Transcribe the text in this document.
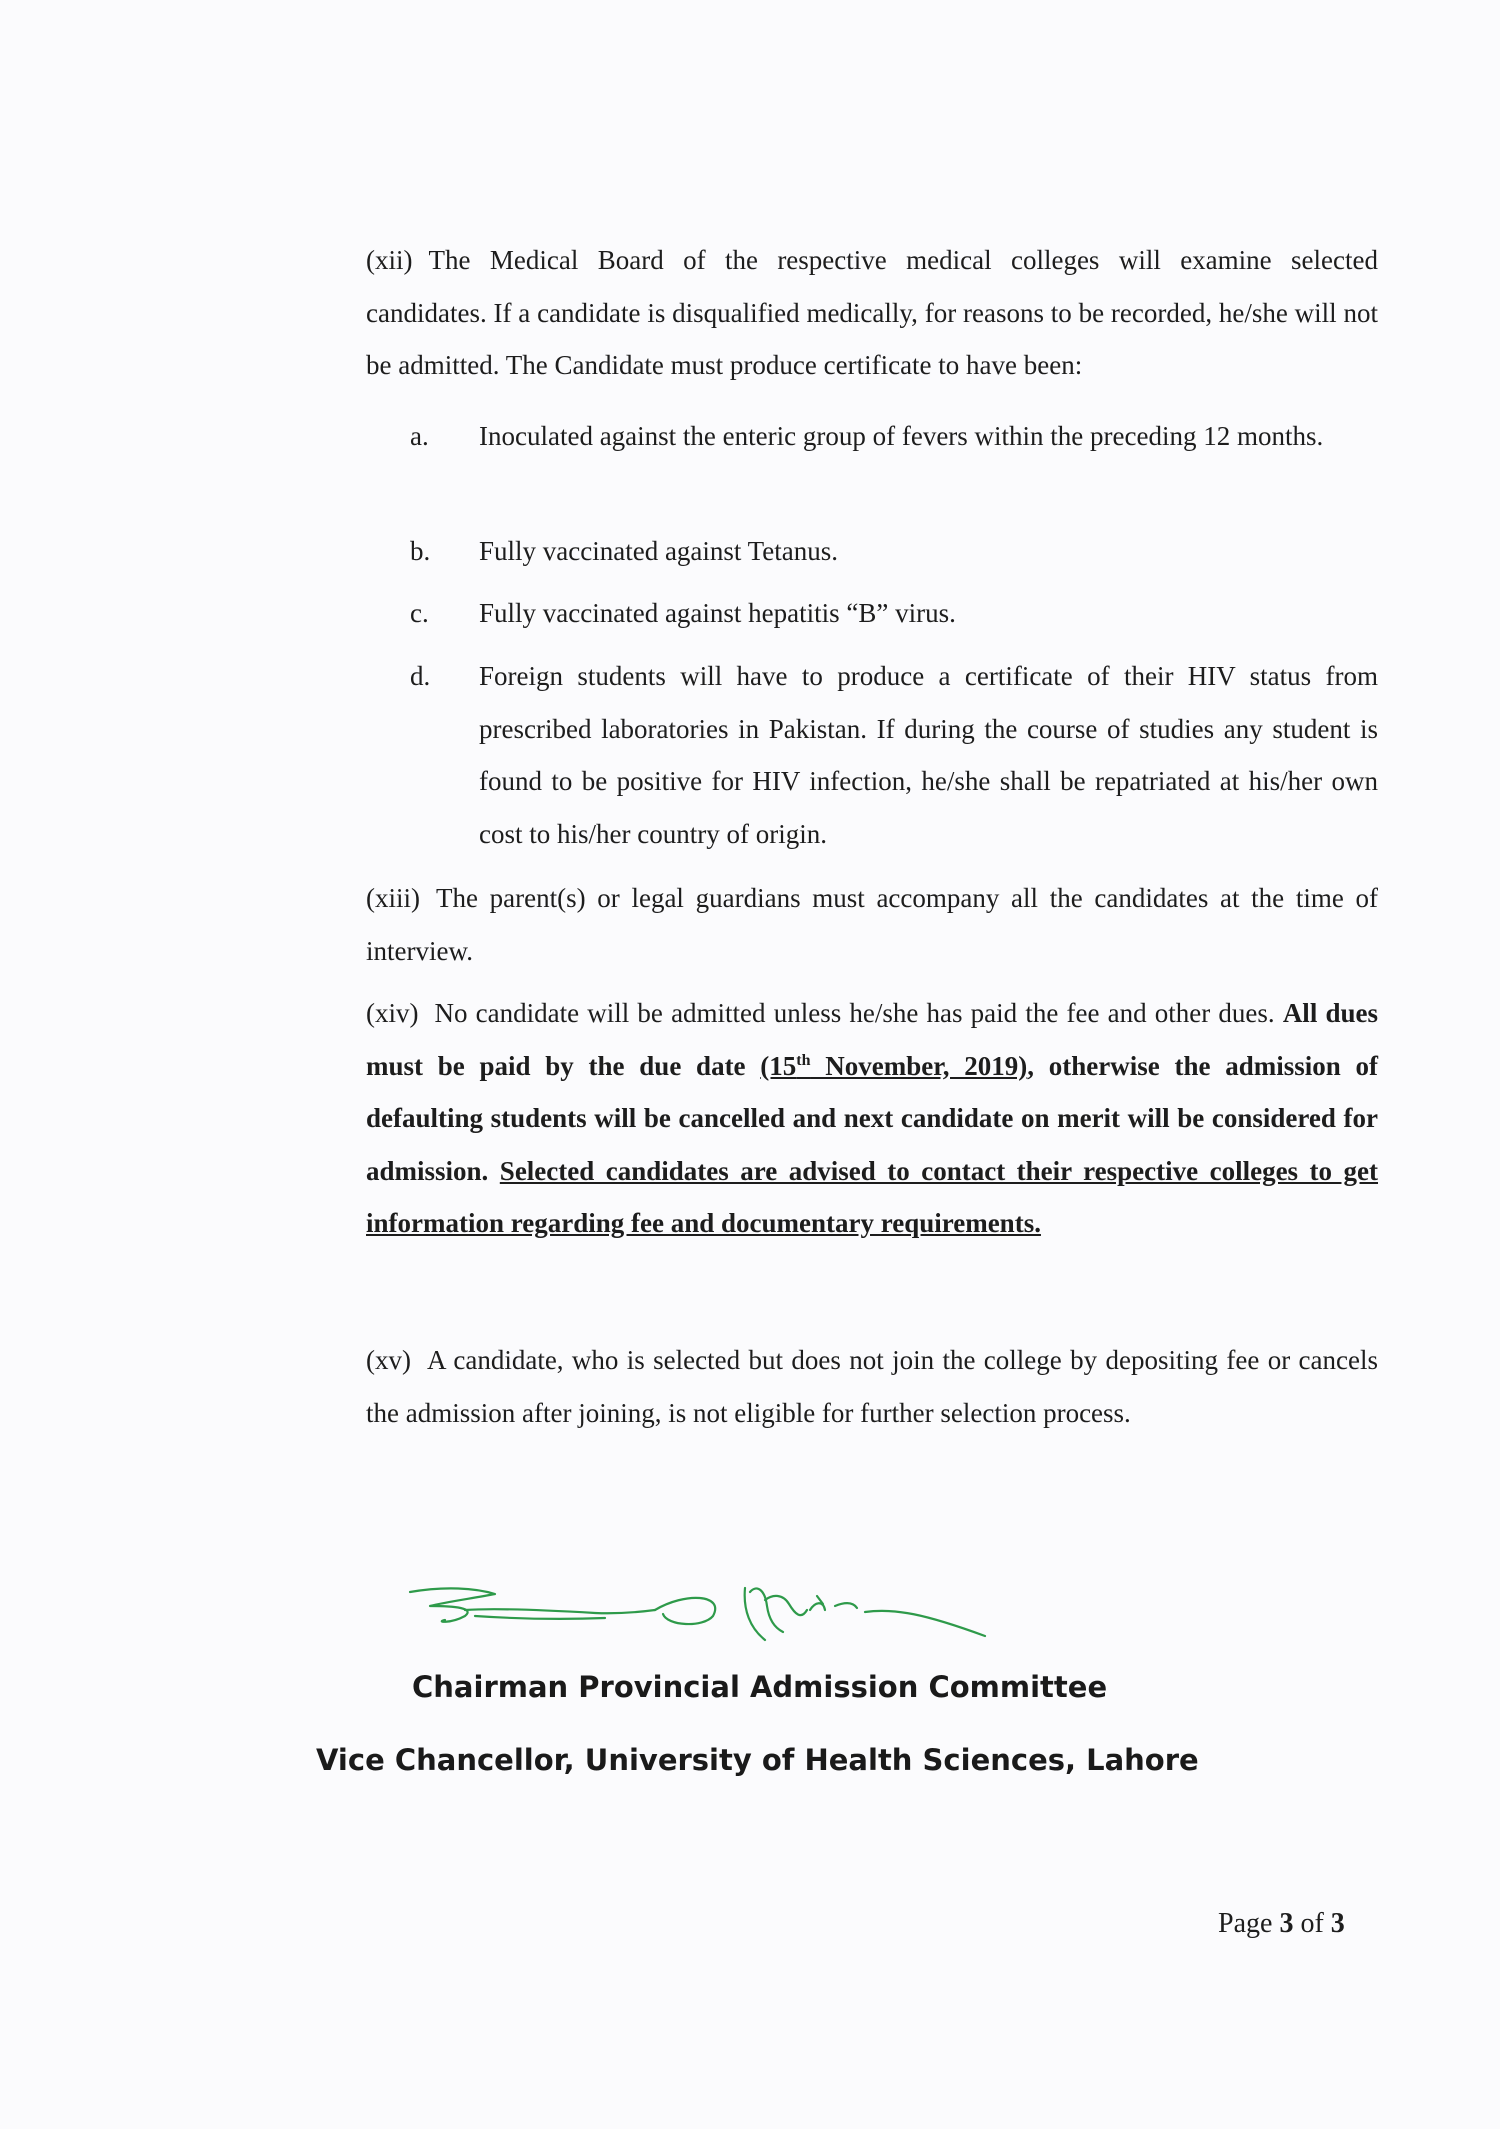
(xii) The Medical Board of the respective medical colleges will examine selected candidates. If a candidate is disqualified medically, for reasons to be recorded, he/she will not be admitted. The Candidate must produce certificate to have been:
a. Inoculated against the enteric group of fevers within the preceding 12 months.
b. Fully vaccinated against Tetanus.
c. Fully vaccinated against hepatitis “B” virus.
d. Foreign students will have to produce a certificate of their HIV status from prescribed laboratories in Pakistan. If during the course of studies any student is found to be positive for HIV infection, he/she shall be repatriated at his/her own cost to his/her country of origin.
(xiii) The parent(s) or legal guardians must accompany all the candidates at the time of interview.
(xiv) No candidate will be admitted unless he/she has paid the fee and other dues. All dues must be paid by the due date (15th November, 2019), otherwise the admission of defaulting students will be cancelled and next candidate on merit will be considered for admission. Selected candidates are advised to contact their respective colleges to get information regarding fee and documentary requirements.
(xv) A candidate, who is selected but does not join the college by depositing fee or cancels the admission after joining, is not eligible for further selection process.
Chairman Provincial Admission Committee
Vice Chancellor, University of Health Sciences, Lahore
Page 3 of 3
